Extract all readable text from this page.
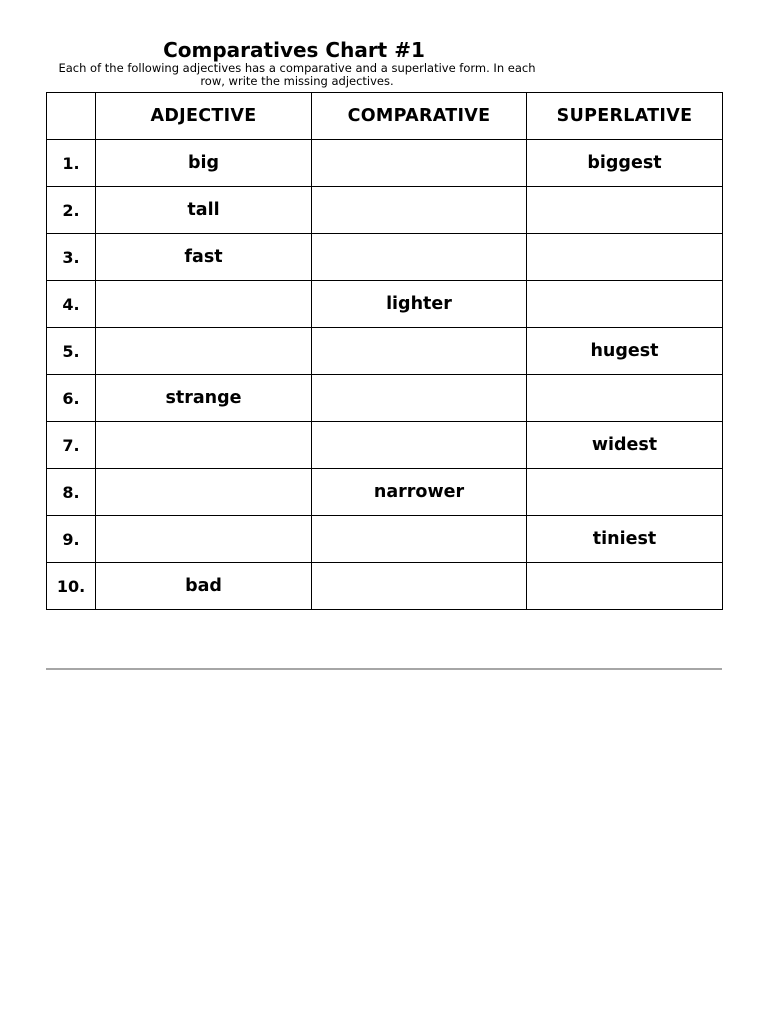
Comparatives Chart #1

Each of the following adjectives has a comparative and a superlative form. In each row, write the missing adjectives.

	ADJECTIVE	COMPARATIVE	SUPERLATIVE
1.	big		biggest
2.	tall		
3.	fast		
4.		lighter	
5.			hugest
6.	strange		
7.			widest
8.		narrower	
9.			tiniest
10.	bad		
